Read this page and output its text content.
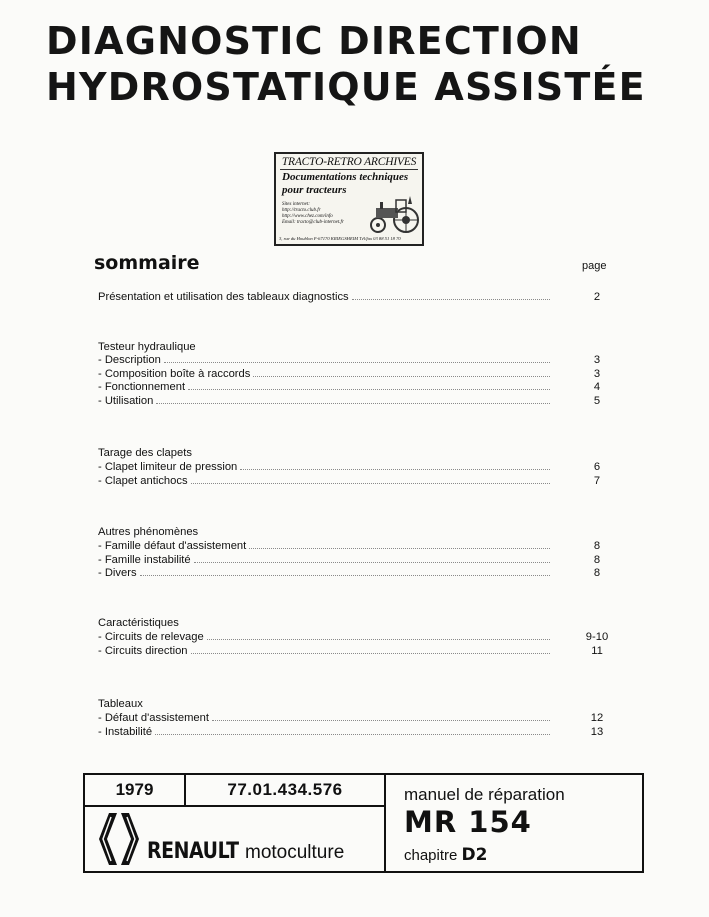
DIAGNOSTIC DIRECTION
HYDROSTATIQUE ASSISTÉE
TRACTO-RETRO ARCHIVES
Documentations techniques
pour tracteurs
Sites internet:
http://tracto.club.fr
http://www.chez.com/info
Email: tracto@club-internet.fr
3, rue du Houblon F-67170 KRIEGSHEIM Tél/fax 03 88 51 18 70
sommaire	page
Présentation et utilisation des tableaux diagnostics	2
Testeur hydraulique
- Description	3
- Composition boîte à raccords	3
- Fonctionnement	4
- Utilisation	5
Tarage des clapets
- Clapet limiteur de pression	6
- Clapet antichocs	7
Autres phénomènes
- Famille défaut d'assistement	8
- Famille instabilité	8
- Divers	8
Caractéristiques
- Circuits de relevage	9-10
- Circuits direction	11
Tableaux
- Défaut d'assistement	12
- Instabilité	13
1979	77.01.434.576
RENAULT motoculture
manuel de réparation
MR 154
chapitre D2
